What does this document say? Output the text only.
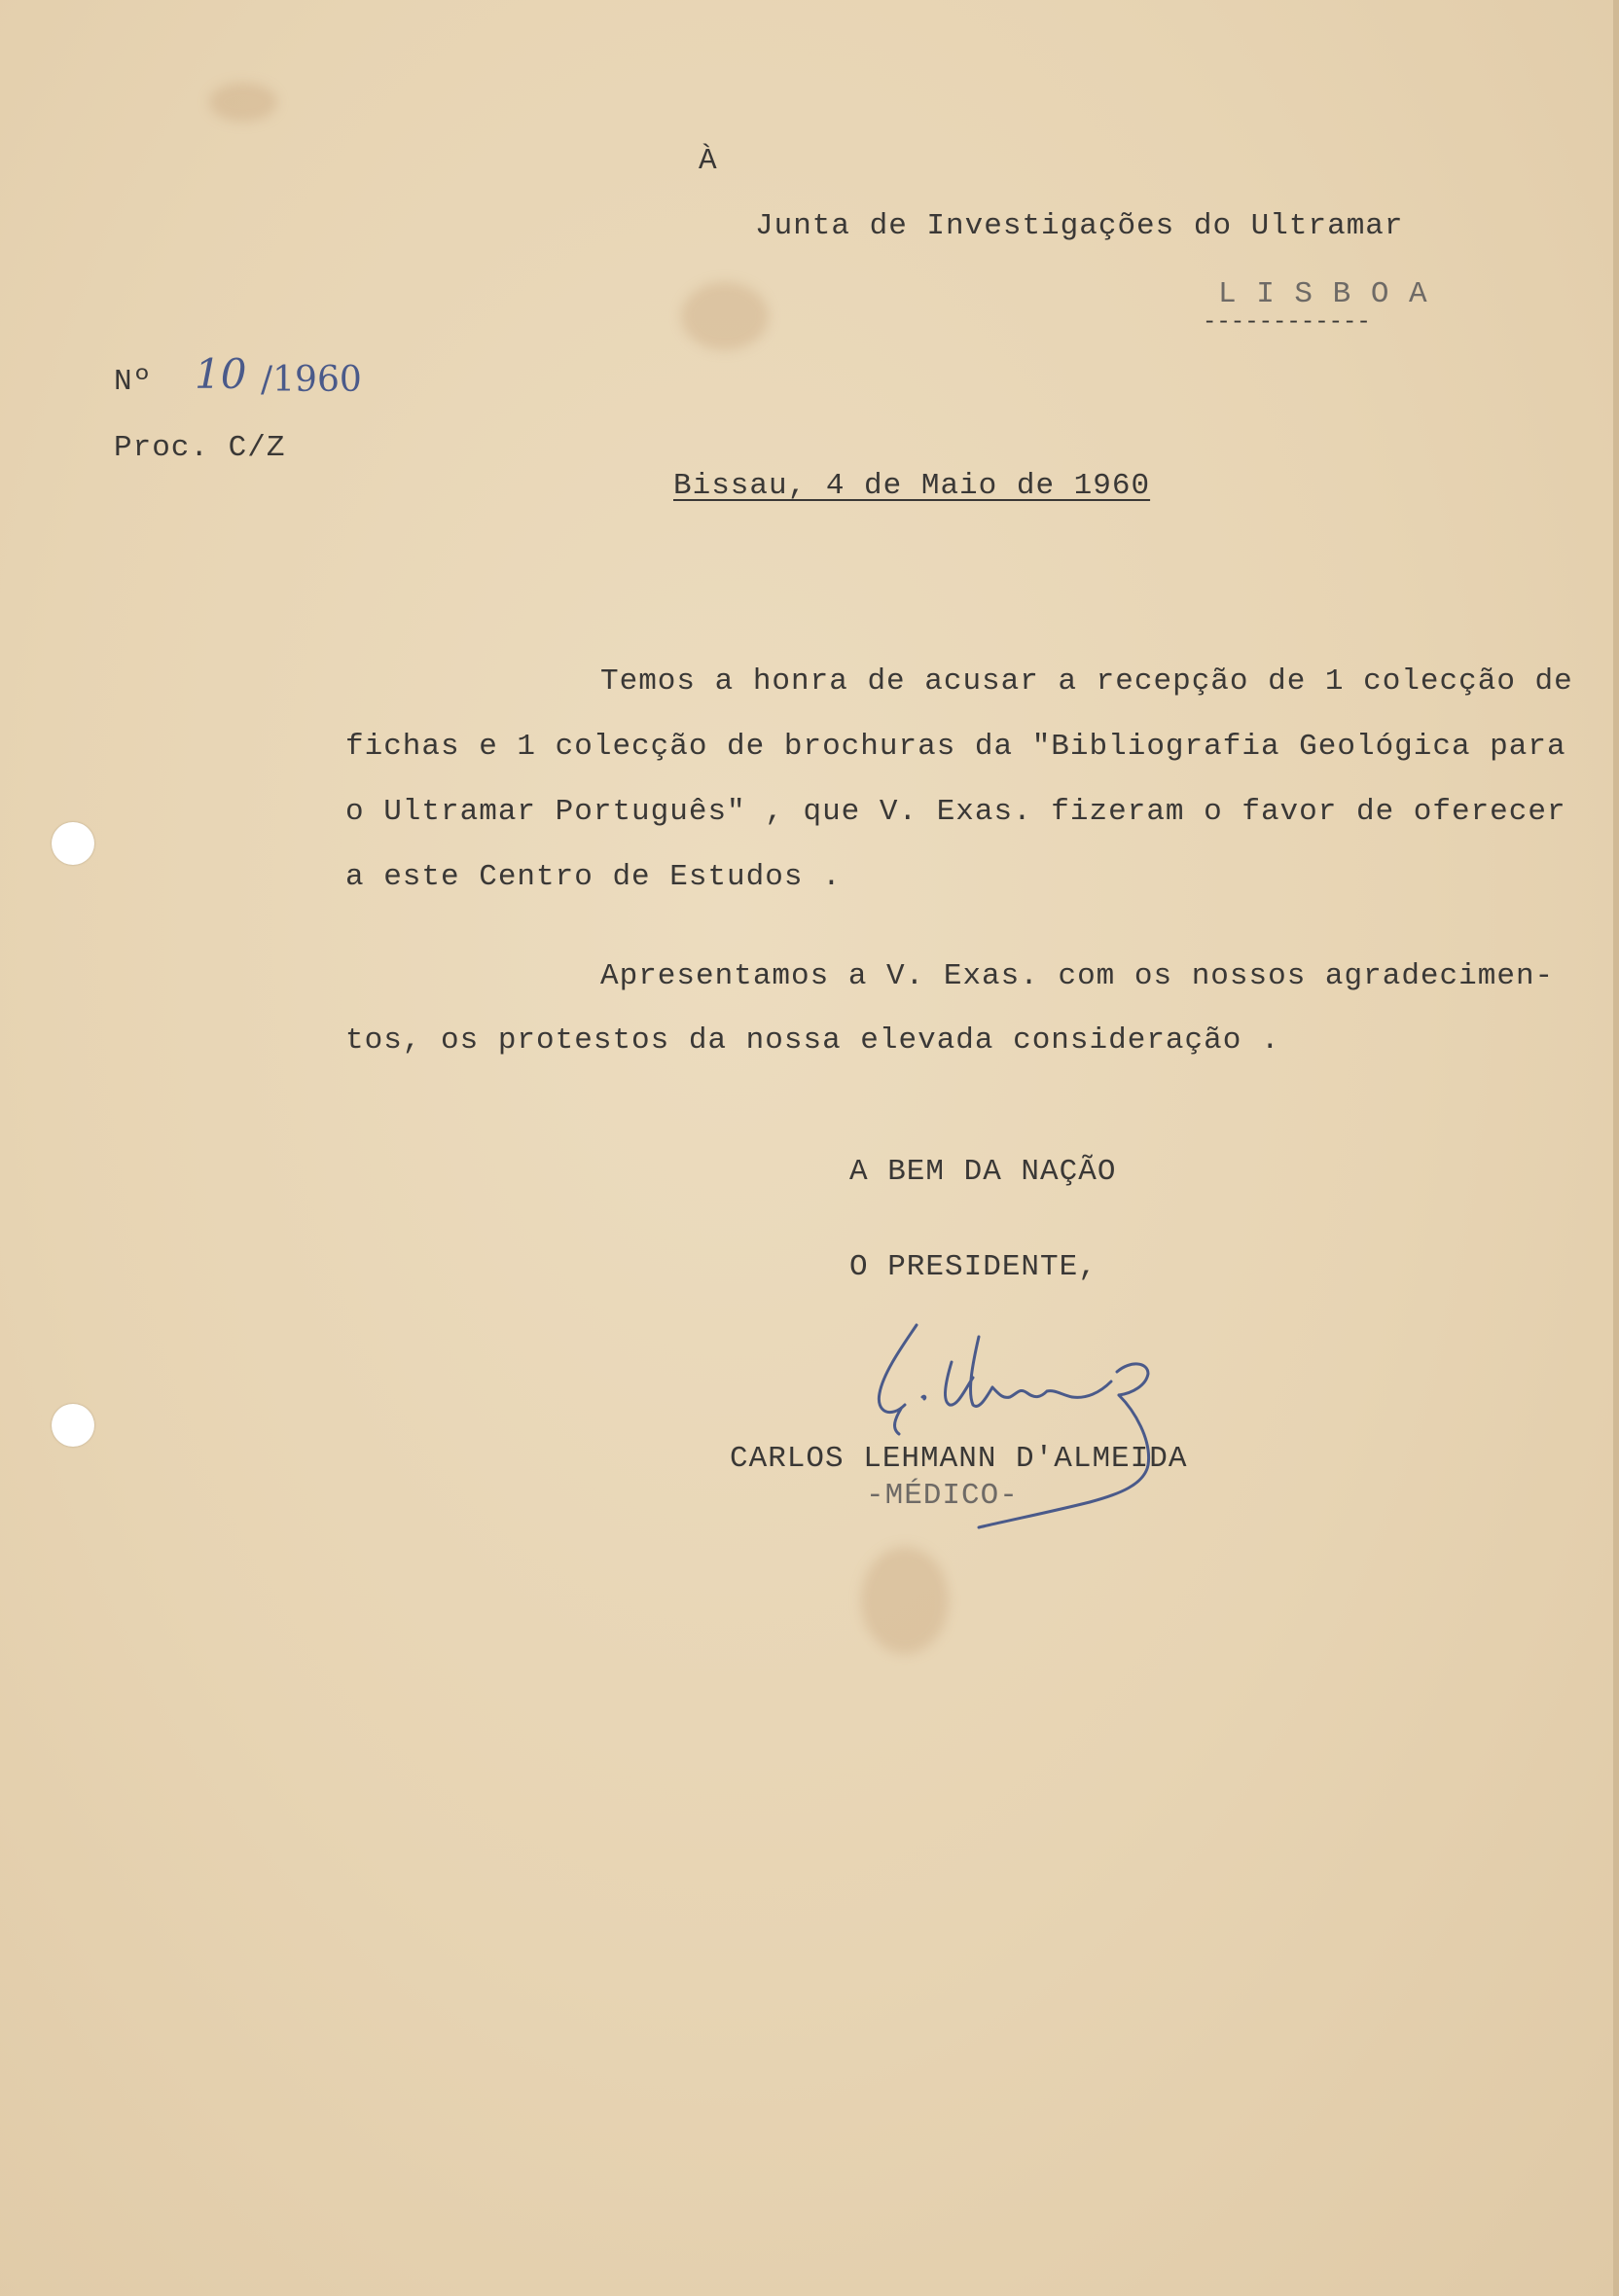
À
Junta de Investigações do Ultramar
L I S B O A
------------
Nº 10 /1960
Proc. C/Z
Bissau, 4 de Maio de 1960
Temos a honra de acusar a recepção de 1 colecção de
fichas e 1 colecção de brochuras da "Bibliografia Geológica para
o Ultramar Português" , que V. Exas. fizeram o favor de oferecer
a este Centro de Estudos .
Apresentamos a V. Exas. com os nossos agradecimen-
tos, os protestos da nossa elevada consideração .
A BEM DA NAÇÃO
O PRESIDENTE,
CARLOS LEHMANN D'ALMEIDA
-MÉDICO-
